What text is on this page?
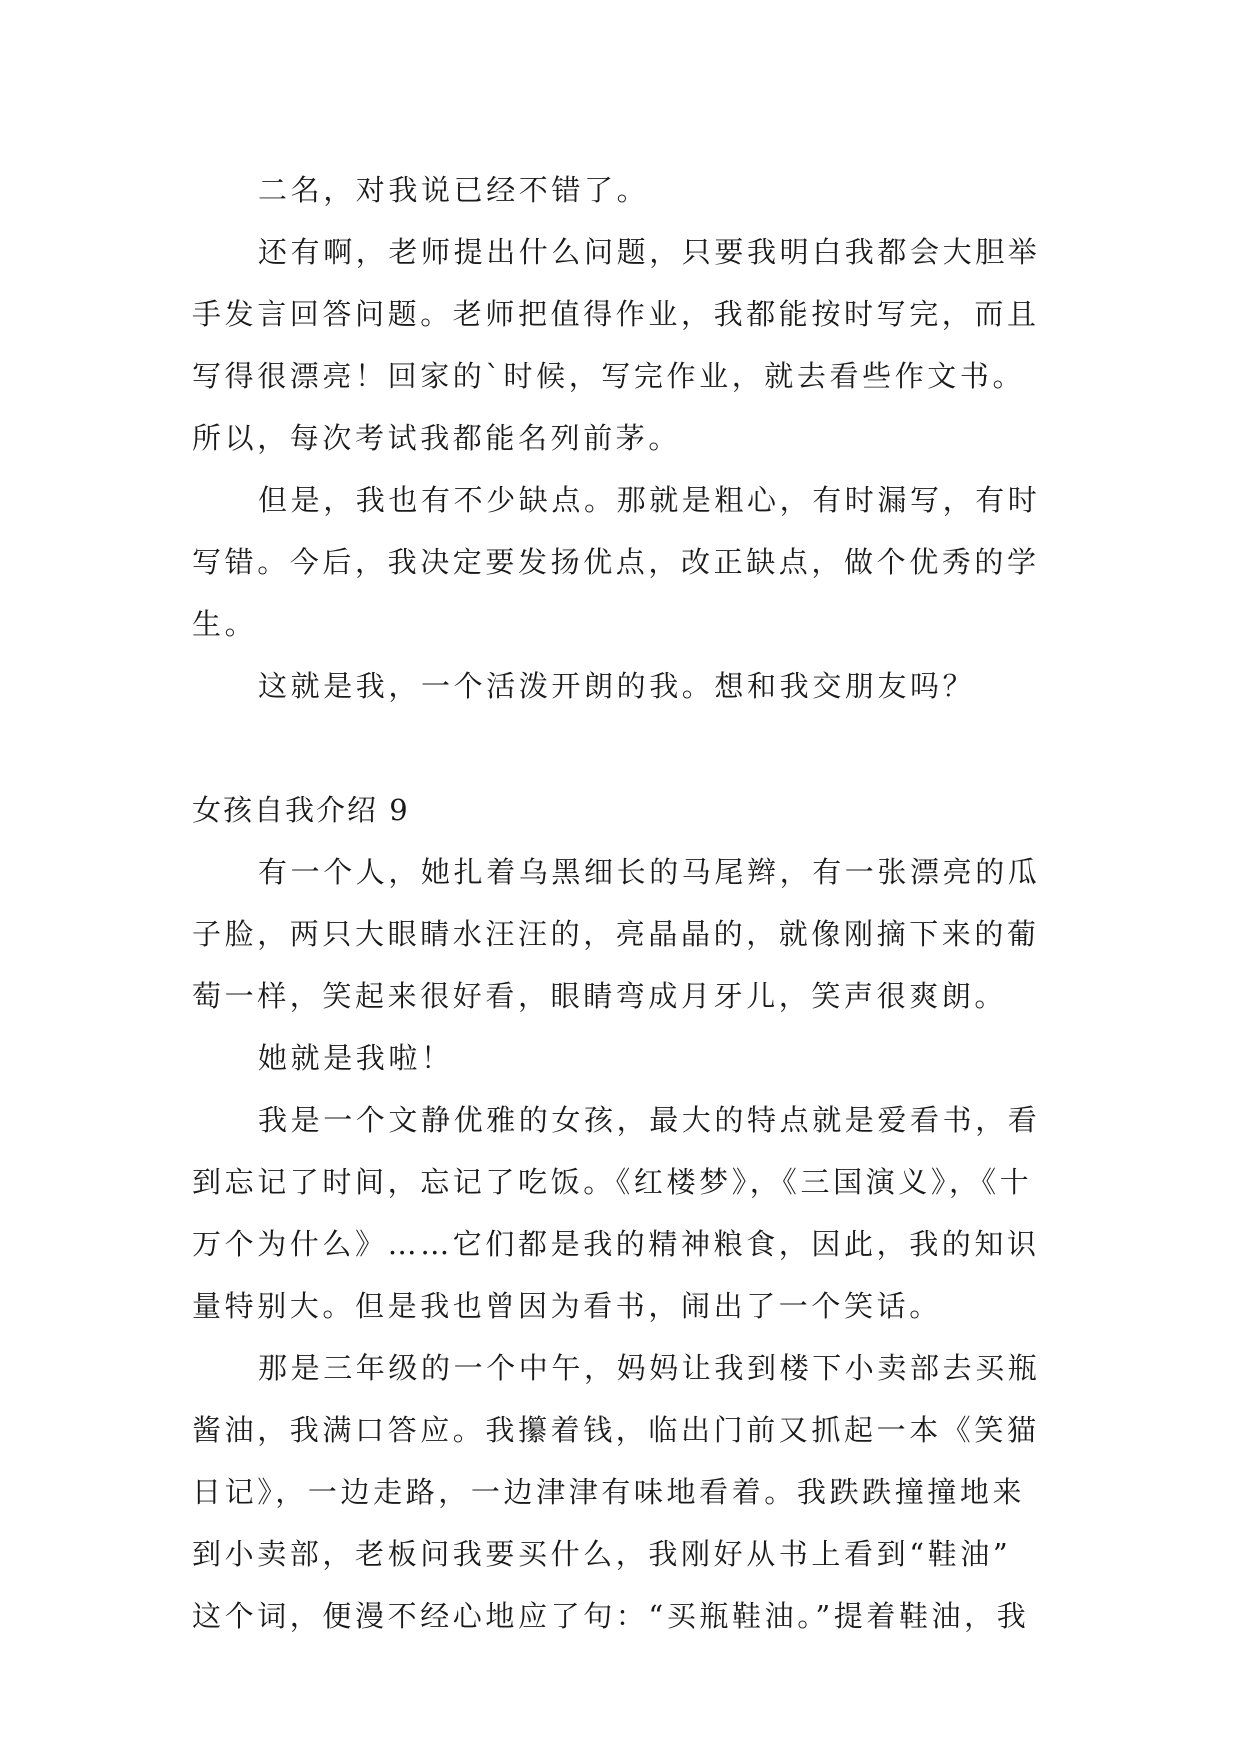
二名，对我说已经不错了。
还有啊，老师提出什么问题，只要我明白我都会大胆举
手发言回答问题。老师把值得作业，我都能按时写完，而且
写得很漂亮！回家的`时候，写完作业，就去看些作文书。
所以，每次考试我都能名列前茅。
但是，我也有不少缺点。那就是粗心，有时漏写，有时
写错。今后，我决定要发扬优点，改正缺点，做个优秀的学
生。
这就是我，一个活泼开朗的我。想和我交朋友吗？
女孩自我介绍 9
有一个人，她扎着乌黑细长的马尾辫，有一张漂亮的瓜
子脸，两只大眼睛水汪汪的，亮晶晶的，就像刚摘下来的葡
萄一样，笑起来很好看，眼睛弯成月牙儿，笑声很爽朗。
她就是我啦！
我是一个文静优雅的女孩，最大的特点就是爱看书，看
到忘记了时间，忘记了吃饭。《红楼梦》，《三国演义》，《十
万个为什么》……它们都是我的精神粮食，因此，我的知识
量特别大。但是我也曾因为看书，闹出了一个笑话。
那是三年级的一个中午，妈妈让我到楼下小卖部去买瓶
酱油，我满口答应。我攥着钱，临出门前又抓起一本《笑猫
日记》，一边走路，一边津津有味地看着。我跌跌撞撞地来
到小卖部，老板问我要买什么，我刚好从书上看到“鞋油”
这个词，便漫不经心地应了句：“买瓶鞋油。”提着鞋油，我
